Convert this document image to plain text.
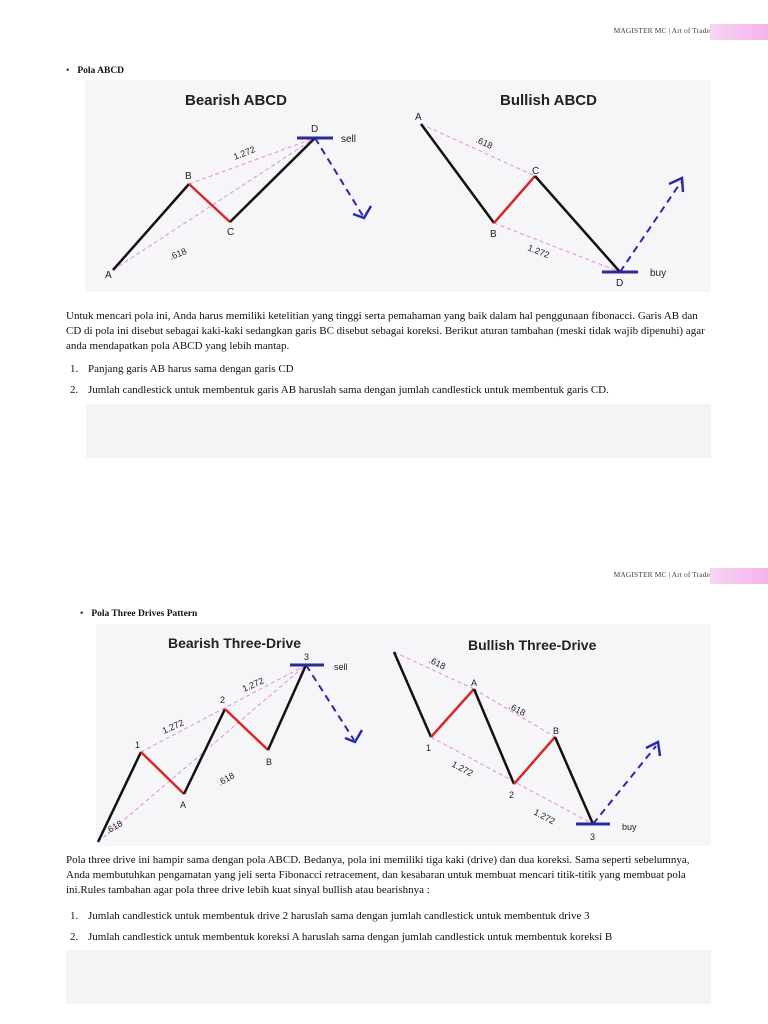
MAGISTER MC | Art of Trade
• Pola ABCD
Bearish ABCD
A
B
C
D
.618
1.272
sell
Bullish ABCD
A
B
C
D
.618
1.272
buy
Untuk mencari pola ini, Anda harus memiliki ketelitian yang tinggi serta pemahaman yang baik dalam hal penggunaan fibonacci. Garis AB dan CD di pola ini disebut sebagai kaki-kaki sedangkan garis BC disebut sebagai koreksi. Berikut aturan tambahan (meski tidak wajib dipenuhi) agar anda mendapatkan pola ABCD yang lebih mantap.
1. Panjang garis AB harus sama dengan garis CD
2. Jumlah candlestick untuk membentuk garis AB haruslah sama dengan jumlah candlestick untuk membentuk garis CD.
MAGISTER MC | Art of Trade
• Pola Three Drives Pattern
Bearish Three-Drive
1
2
3
A
B
.618
.618
1.272
1.272
sell
Bullish Three-Drive
1
2
3
A
B
.618
.618
1.272
1.272
buy
Pola three drive ini hampir sama dengan pola ABCD. Bedanya, pola ini memiliki tiga kaki (drive) dan dua koreksi. Sama seperti sebelumnya, Anda membutuhkan pengamatan yang jeli serta Fibonacci retracement, dan kesabaran untuk membuat mencari titik-titik yang membuat pola ini.Rules tambahan agar pola three drive lebih kuat sinyal bullish atau bearishnya :
1. Jumlah candlestick untuk membentuk drive 2 haruslah sama dengan jumlah candlestick untuk membentuk drive 3
2. Jumlah candlestick untuk membentuk koreksi A haruslah sama dengan jumlah candlestick untuk membentuk koreksi B
